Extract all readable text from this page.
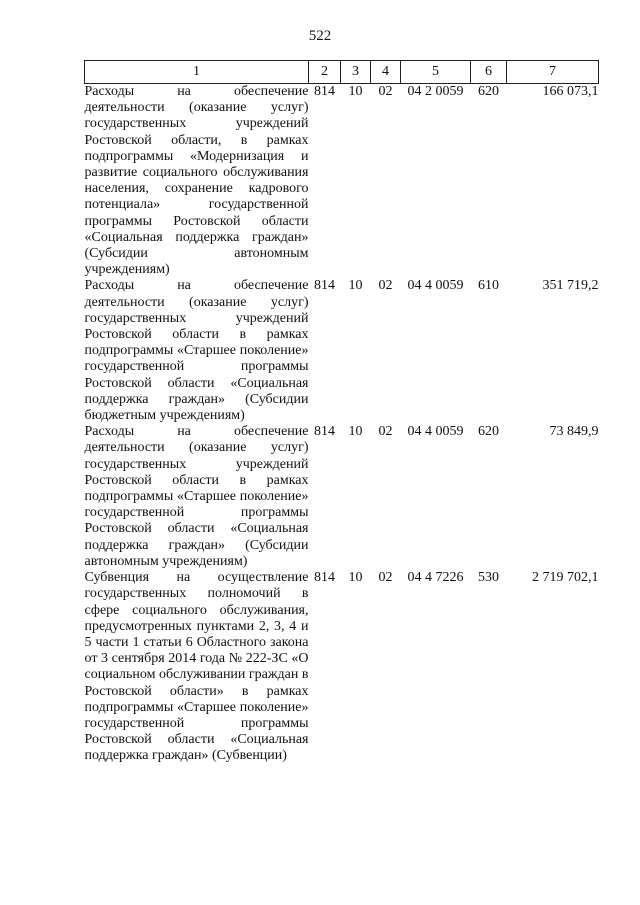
522
1	2	3	4	5	6	7
Расходы на обеспечение деятельности (оказание услуг) государственных учреждений Ростовской области, в рамках подпрограммы «Модернизация и развитие социального обслуживания населения, сохранение кадрового потенциала» государственной программы Ростовской области «Социальная поддержка граждан» (Субсидии автономным учреждениям)	814	10	02	04 2 0059	620	166 073,1
Расходы на обеспечение деятельности (оказание услуг) государственных учреждений Ростовской области в рамках подпрограммы «Старшее поколение» государственной программы Ростовской области «Социальная поддержка граждан» (Субсидии бюджетным учреждениям)	814	10	02	04 4 0059	610	351 719,2
Расходы на обеспечение деятельности (оказание услуг) государственных учреждений Ростовской области в рамках подпрограммы «Старшее поколение» государственной программы Ростовской области «Социальная поддержка граждан» (Субсидии автономным учреждениям)	814	10	02	04 4 0059	620	73 849,9
Субвенция на осуществление государственных полномочий в сфере социального обслуживания, предусмотренных пунктами 2, 3, 4 и 5 части 1 статьи 6 Областного закона от 3 сентября 2014 года № 222-ЗС «О социальном обслуживании граждан в Ростовской области» в рамках подпрограммы «Старшее поколение» государственной программы Ростовской области «Социальная поддержка граждан» (Субвенции)	814	10	02	04 4 7226	530	2 719 702,1
